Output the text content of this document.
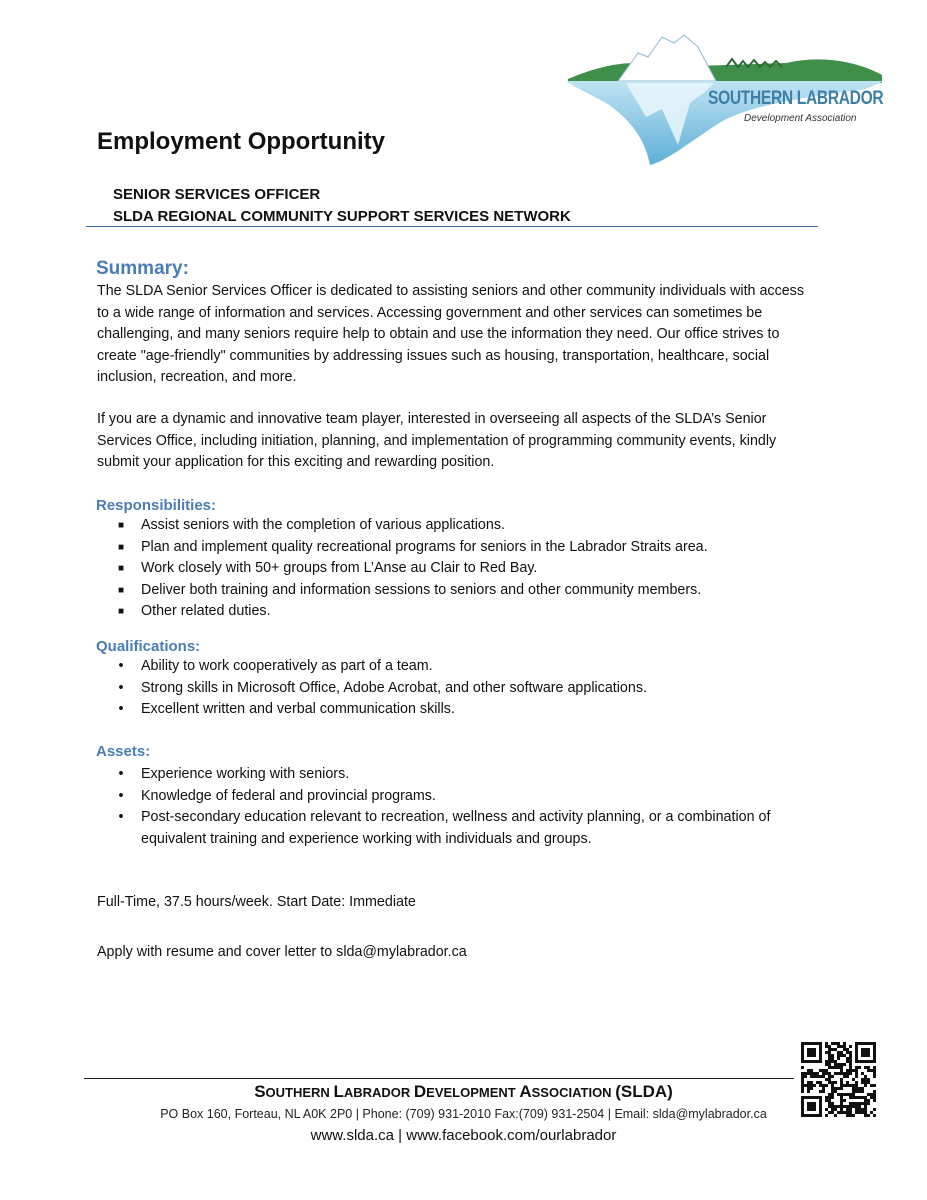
SOUTHERN LABRADOR
Development Association
Employment Opportunity
SENIOR SERVICES OFFICER
SLDA REGIONAL COMMUNITY SUPPORT SERVICES NETWORK
Summary:

The SLDA Senior Services Officer is dedicated to assisting seniors and other community individuals with access to a wide range of information and services. Accessing government and other services can sometimes be challenging, and many seniors require help to obtain and use the information they need. Our office strives to create "age-friendly" communities by addressing issues such as housing, transportation, healthcare, social inclusion, recreation, and more.

If you are a dynamic and innovative team player, interested in overseeing all aspects of the SLDA’s Senior Services Office, including initiation, planning, and implementation of programming community events, kindly submit your application for this exciting and rewarding position.

Responsibilities:
■ Assist seniors with the completion of various applications.
■ Plan and implement quality recreational programs for seniors in the Labrador Straits area.
■ Work closely with 50+ groups from L’Anse au Clair to Red Bay.
■ Deliver both training and information sessions to seniors and other community members.
■ Other related duties.
Qualifications:
•	Ability to work cooperatively as part of a team.
•	Strong skills in Microsoft Office, Adobe Acrobat, and other software applications.
•	Excellent written and verbal communication skills.
Assets:
•	Experience working with seniors.
•	Knowledge of federal and provincial programs.
•	Post-secondary education relevant to recreation, wellness and activity planning, or a combination of equivalent training and experience working with individuals and groups.
Full-Time, 37.5 hours/week. Start Date: Immediate
Apply with resume and cover letter to slda@mylabrador.ca
SOUTHERN LABRADOR DEVELOPMENT ASSOCIATION (SLDA)
PO Box 160, Forteau, NL A0K 2P0 | Phone: (709) 931-2010 Fax:(709) 931-2504 | Email: slda@mylabrador.ca
www.slda.ca | www.facebook.com/ourlabrador
